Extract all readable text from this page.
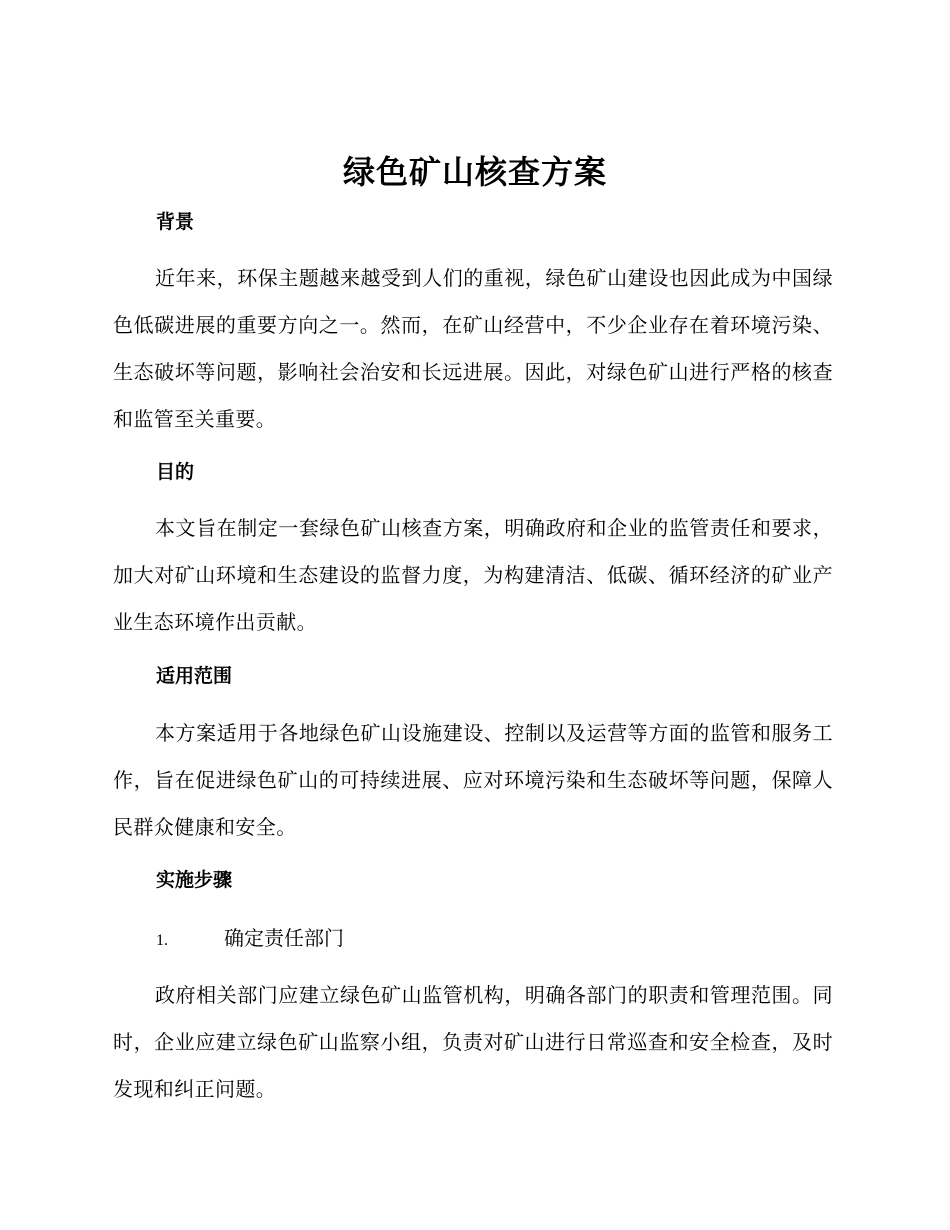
绿色矿山核查方案
背景
近年来，环保主题越来越受到人们的重视，绿色矿山建设也因此成为中国绿色低碳进展的重要方向之一。然而，在矿山经营中，不少企业存在着环境污染、生态破坏等问题，影响社会治安和长远进展。因此，对绿色矿山进行严格的核查和监管至关重要。
目的
本文旨在制定一套绿色矿山核查方案，明确政府和企业的监管责任和要求，加大对矿山环境和生态建设的监督力度，为构建清洁、低碳、循环经济的矿业产业生态环境作出贡献。
适用范围
本方案适用于各地绿色矿山设施建设、控制以及运营等方面的监管和服务工作，旨在促进绿色矿山的可持续进展、应对环境污染和生态破坏等问题，保障人民群众健康和安全。
实施步骤
1.	确定责任部门
政府相关部门应建立绿色矿山监管机构，明确各部门的职责和管理范围。同时，企业应建立绿色矿山监察小组，负责对矿山进行日常巡查和安全检查，及时发现和纠正问题。
